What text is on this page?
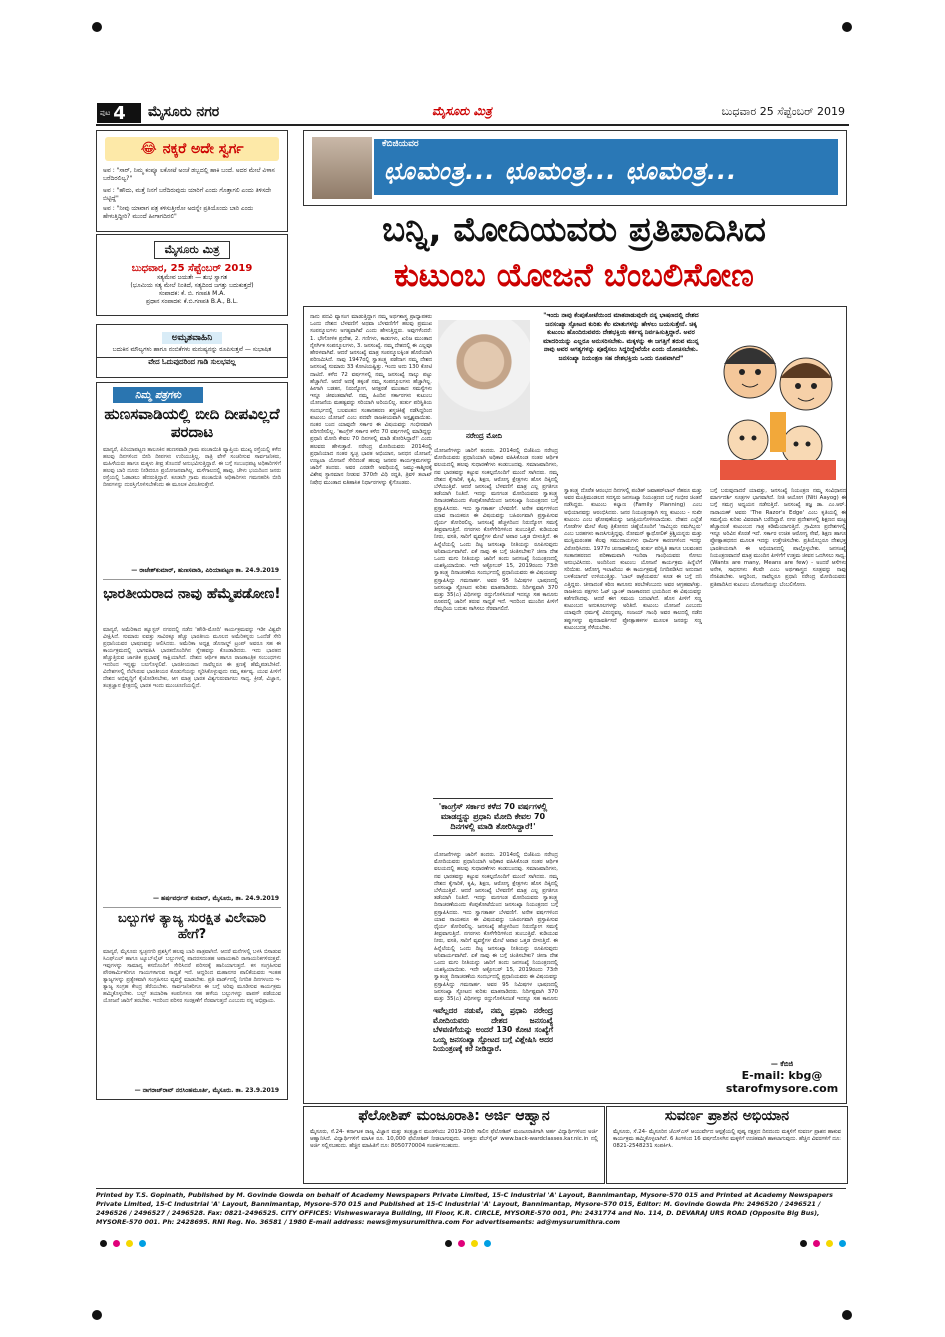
ಪುಟ 4 ಮೈಸೂರು ನಗರ	ಮೈಸೂರು ಮಿತ್ರ	ಬುಧವಾರ 25 ಸೆಪ್ಟೆಂಬರ್ 2019
😂 ನಕ್ಕರೆ ಅದೇ ಸ್ವರ್ಗ
ಅವ : "ಸಾರ್, ನಿಮ್ಮ ಕಂಪ್ಯೂ ಲಕೋಟೆ ಅಂಚೆ ಡಬ್ಬದಲ್ಲಿ ಹಾಕಿ ಬಂದೆ. ಅದರ ಮೇಲೆ ವಿಳಾಸ ಬರೆದಿರಲಿಲ್ವ?"
ಅವ : "ಹೌದು, ಮತ್ತೆ ನಿನಗೆ ಬರೆದಿರುವುದು ಯಾರಿಗೆ ಎಂದು ಗೊತ್ತಾಗಲಿ ಎಂದು ತಿಳಿಸದೇ ಬಿಟ್ಟಿದ್ದೆ"
ಅವ : "ನೀವು ಯಾವಾಗ ಪತ್ರ ಕಳಿಸುತ್ತೀರೋ ಅದನ್ನೇ ಪ್ರತಿಯೊಂದು ಬಾರಿ ಎಂದು ಹೇಳುತ್ತಿದ್ದೀರಿ? ಮುಂದೆ ಹೀಗಾಗದಿರಲಿ"
ಮೈಸೂರು ಮಿತ್ರ
ಬುಧವಾರ, 25 ಸೆಪ್ಟೆಂಬರ್ 2019
ಸತ್ಯಮೇವ ಜಯತೇ — ಶುಭ ಸ್ವಾಗತ
(ಭೂಮಿಯ ಸತ್ಯ ಮೇಲೆ ನಿಂತಿದೆ, ಸತ್ಯದಿಂದ ಜಗತ್ತು ಬದುಕುತ್ತದೆ)
ಸಂಪಾದಕ: ಕೆ. ಬಿ. ಗಣಪತಿ M.A.
ಪ್ರಧಾನ ಸಂಪಾದಕ: ಕೆ.ಬಿ.ಗಣಪತಿ B.A., B.L.
ಅಮೃತವಾಹಿನಿ
ಬದುಕಿನ ಮೌಲ್ಯಗಳು ಹಾಗೂ ನಂಬಿಕೆಗಳು ಮನುಷ್ಯನನ್ನು ರೂಪಿಸುತ್ತವೆ — ಸುಭಾಷಿತ
ವೇದ ಓದುವುದರಿಂದ ಗಾಡಿ ಸುಲಭವಲ್ಲ
ನಿಮ್ಮ ಪತ್ರಗಳು
ಹುಣಸವಾಡಿಯಲ್ಲಿ ಬೀದಿ ದೀಪವಿಲ್ಲದೆ ಪರದಾಟ
ಮಾನ್ಯರೆ, ಪಿರಿಯಾಪಟ್ಟಣ ತಾಲೂಕಿನ ಹುಣಸವಾಡಿ ಗ್ರಾಮ ಪಂಚಾಯಿತಿ ವ್ಯಾಪ್ತಿಯ ಮುಖ್ಯ ರಸ್ತೆಯಲ್ಲಿ ಕಳೆದ ಹಲವು ದಿನಗಳಿಂದ ಬೀದಿ ದೀಪಗಳು ಉರಿಯುತ್ತಿಲ್ಲ. ರಾತ್ರಿ ವೇಳೆ ಸಂಚರಿಸುವ ಸಾರ್ವಜನಿಕರು, ಮಹಿಳೆಯರು ಹಾಗೂ ಮಕ್ಕಳು ತೀವ್ರ ತೊಂದರೆ ಅನುಭವಿಸುತ್ತಿದ್ದಾರೆ. ಈ ಬಗ್ಗೆ ಸಂಬಂಧಪಟ್ಟ ಅಧಿಕಾರಿಗಳಿಗೆ ಹಲವು ಬಾರಿ ದೂರು ನೀಡಿದರೂ ಪ್ರಯೋಜನವಾಗಿಲ್ಲ. ಮಳೆಗಾಲದಲ್ಲಿ ಹಾವು, ಚೇಳು ಭಯದಿಂದ ಜನರು ರಸ್ತೆಯಲ್ಲಿ ಓಡಾಡಲು ಹೆದರುತ್ತಿದ್ದಾರೆ. ಕೂಡಲೇ ಗ್ರಾಮ ಪಂಚಾಯಿತಿ ಅಧಿಕಾರಿಗಳು ಗಮನಹರಿಸಿ ಬೀದಿ ದೀಪಗಳನ್ನು ದುರಸ್ತಿಗೊಳಿಸಬೇಕೆಂದು ಈ ಮೂಲಕ ವಿನಂತಿಸುತ್ತೇನೆ.
— ರಾಜೇಶ್‌ಕುಮಾರ್, ಹುಣಸವಾಡಿ, ಪಿರಿಯಾಪಟ್ಟಣ ತಾ. 24.9.2019
ಭಾರತೀಯರಾದ ನಾವು ಹೆಮ್ಮೆಪಡೋಣ!
ಮಾನ್ಯರೆ, ಅಮೆರಿಕಾದ ಹ್ಯೂಸ್ಟನ್ ನಗರದಲ್ಲಿ ನಡೆದ 'ಹೌಡಿ-ಮೋದಿ' ಕಾರ್ಯಕ್ರಮವನ್ನು ಇಡೀ ವಿಶ್ವವೇ ವೀಕ್ಷಿಸಿದೆ. ಸುಮಾರು ಐವತ್ತು ಸಾವಿರಕ್ಕೂ ಹೆಚ್ಚು ಭಾರತೀಯ ಮೂಲದ ಅಮೆರಿಕನ್ನರು ಒಂದೆಡೆ ಸೇರಿ ಪ್ರಧಾನಿಯವರ ಭಾಷಣವನ್ನು ಆಲಿಸಿದರು. ಅಮೆರಿಕಾ ಅಧ್ಯಕ್ಷ ಡೊನಾಲ್ಡ್ ಟ್ರಂಪ್ ಅವರೂ ಸಹ ಈ ಕಾರ್ಯಕ್ರಮದಲ್ಲಿ ಭಾಗವಹಿಸಿ ಭಾರತದೊಂದಿಗಿನ ಸ್ನೇಹವನ್ನು ಕೊಂಡಾಡಿದರು. ಇದು ಭಾರತದ ಹೆಚ್ಚುತ್ತಿರುವ ಜಾಗತಿಕ ಪ್ರಭಾವಕ್ಕೆ ಸಾಕ್ಷಿಯಾಗಿದೆ. ದೇಶದ ಆರ್ಥಿಕ ಹಾಗೂ ರಾಜತಾಂತ್ರಿಕ ಸಂಬಂಧಗಳು ಇದರಿಂದ ಇನ್ನಷ್ಟು ಬಲಗೊಳ್ಳಲಿವೆ. ಭಾರತೀಯರಾದ ನಾವೆಲ್ಲರೂ ಈ ಕ್ಷಣಕ್ಕೆ ಹೆಮ್ಮೆಪಡಬೇಕಿದೆ. ವಿದೇಶಗಳಲ್ಲಿ ನೆಲೆಸಿರುವ ಭಾರತೀಯರ ಕೊಡುಗೆಯನ್ನು ಸ್ಮರಿಸಿಕೊಳ್ಳುವುದು ನಮ್ಮ ಕರ್ತವ್ಯ. ಯುವ ಪೀಳಿಗೆ ದೇಶದ ಅಭಿವೃದ್ಧಿಗೆ ಕೈಜೋಡಿಸಬೇಕು, ಆಗ ಮಾತ್ರ ಭಾರತ ವಿಶ್ವಗುರುವಾಗಲು ಸಾಧ್ಯ. ಕ್ರೀಡೆ, ವಿಜ್ಞಾನ, ತಂತ್ರಜ್ಞಾನ ಕ್ಷೇತ್ರದಲ್ಲಿ ಭಾರತ ಇಂದು ಮುಂಚೂಣಿಯಲ್ಲಿದೆ.
— ಹರ್ಷವರ್ಧನ್ ಕುಮಾರ್, ಮೈಸೂರು, ತಾ. 24.9.2019
ಬಲ್ಬುಗಳ ತ್ಯಾಜ್ಯ ಸುರಕ್ಷಿತ ವಿಲೇವಾರಿ ಹೇಗೆ?
ಮಾನ್ಯರೆ, ಮೈಸೂರು ಸ್ವಚ್ಛನಗರಿ ಪ್ರಶಸ್ತಿಗೆ ಹಲವು ಬಾರಿ ಪಾತ್ರವಾಗಿದೆ. ಆದರೆ ಮನೆಗಳಲ್ಲಿ ಬಳಸಿ ಬಿಸಾಡುವ ಸಿಎಫ್‌ಎಲ್ ಹಾಗೂ ಟ್ಯೂಬ್‌ಲೈಟ್ ಬಲ್ಬುಗಳಲ್ಲಿ ಪಾದರಸದಂತಹ ಅಪಾಯಕಾರಿ ರಾಸಾಯನಿಕಗಳಿರುತ್ತವೆ. ಇವುಗಳನ್ನು ಸಾಮಾನ್ಯ ಕಸದೊಂದಿಗೆ ಸೇರಿಸಿದರೆ ಪರಿಸರಕ್ಕೆ ಹಾನಿಯಾಗುತ್ತದೆ. ಕಸ ಸಂಗ್ರಹಿಸುವ ಪೌರಕಾರ್ಮಿಕರಿಗೂ ಗಾಯಗಳಾಗುವ ಸಾಧ್ಯತೆ ಇದೆ. ಆದ್ದರಿಂದ ಮಹಾನಗರ ಪಾಲಿಕೆಯವರು ಇಂತಹ ತ್ಯಾಜ್ಯಗಳನ್ನು ಪ್ರತ್ಯೇಕವಾಗಿ ಸಂಗ್ರಹಿಸಲು ವ್ಯವಸ್ಥೆ ಮಾಡಬೇಕು. ಪ್ರತಿ ವಾರ್ಡ್‌ನಲ್ಲಿ ನಿಗದಿತ ದಿನಗಳಂದು ಇ-ತ್ಯಾಜ್ಯ ಸಂಗ್ರಹ ಕೇಂದ್ರ ತೆರೆಯಬೇಕು. ಸಾರ್ವಜನಿಕರಿಗೂ ಈ ಬಗ್ಗೆ ಅರಿವು ಮೂಡಿಸುವ ಕಾರ್ಯಕ್ರಮ ಹಮ್ಮಿಕೊಳ್ಳಬೇಕು. ಬಲ್ಬ್ ತಯಾರಿಕಾ ಕಂಪನಿಗಳೂ ಸಹ ಹಳೆಯ ಬಲ್ಬುಗಳನ್ನು ವಾಪಸ್ ಪಡೆಯುವ ಯೋಜನೆ ಜಾರಿಗೆ ತರಬೇಕು. ಇದರಿಂದ ಪರಿಸರ ಸಂರಕ್ಷಣೆಗೆ ನೆರವಾಗುತ್ತದೆ ಎಂಬುದು ನನ್ನ ಅಭಿಪ್ರಾಯ.
— ನಾಗರಾಜ್‌ರಾವ್ ನರಸಿಂಹಮೂರ್ತಿ, ಮೈಸೂರು. ತಾ. 23.9.2019
ಕೆಬಿಜಿಯವರ
ಛೂಮಂತ್ರ... ಛೂಮಂತ್ರ... ಛೂಮಂತ್ರ...
ಬನ್ನಿ, ಮೋದಿಯವರು ಪ್ರತಿಪಾದಿಸಿದ
ಕುಟುಂಬ ಯೋಜನೆ ಬೆಂಬಲಿಸೋಣ
ನಾನು ಪದವಿ ವ್ಯಾಸಂಗ ಮಾಡುತ್ತಿದ್ದಾಗ ನಮ್ಮ ಅರ್ಥಶಾಸ್ತ್ರ ಪ್ರಾಧ್ಯಾಪಕರು ಒಂದು ದೇಶದ ಬೆಳವಣಿಗೆ ಅಥವಾ ಬೆಳವಣಿಗೆಗೆ ಹಲವು ಪ್ರಮುಖ ಸಂಪನ್ಮೂಲಗಳು ಅಗತ್ಯವಾಗಿವೆ ಎಂದು ಹೇಳುತ್ತಿದ್ದರು. ಅವುಗಳೆಂದರೆ: 1. ಭೌಗೋಳಿಕ ಪ್ರದೇಶ, 2. ಗಣಿಗಳು, ಕಾಡುಗಳು, ಖನಿಜ ಮುಂತಾದ ನೈಸರ್ಗಿಕ ಸಂಪನ್ಮೂಲಗಳು, 3. ಜನಸಂಖ್ಯೆ. ನಮ್ಮ ದೇಶದಲ್ಲಿ ಈ ಎಲ್ಲವೂ ಹೇರಳವಾಗಿವೆ. ಆದರೆ ಜನಸಂಖ್ಯೆ ಮಾತ್ರ ಸಂಪನ್ಮೂಲಕ್ಕಿಂತ ಹೊರೆಯಾಗಿ ಪರಿಣಮಿಸಿದೆ. ನಾವು 1947ರಲ್ಲಿ ಸ್ವಾತಂತ್ರ್ಯ ಪಡೆದಾಗ ನಮ್ಮ ದೇಶದ ಜನಸಂಖ್ಯೆ ಸುಮಾರು 33 ಕೋಟಿಯಷ್ಟಿತ್ತು. ಇಂದು ಅದು 130 ಕೋಟಿ ದಾಟಿದೆ. ಕಳೆದ 72 ವರ್ಷಗಳಲ್ಲಿ ನಮ್ಮ ಜನಸಂಖ್ಯೆ ನಾಲ್ಕು ಪಟ್ಟು ಹೆಚ್ಚಾಗಿದೆ. ಆದರೆ ಅದಕ್ಕೆ ತಕ್ಕಂತೆ ನಮ್ಮ ಸಂಪನ್ಮೂಲಗಳು ಹೆಚ್ಚಾಗಿಲ್ಲ. ಹೀಗಾಗಿ ಬಡತನ, ನಿರುದ್ಯೋಗ, ಅನಕ್ಷರತೆ ಮುಂತಾದ ಸಮಸ್ಯೆಗಳು ಇನ್ನೂ ಜೀವಂತವಾಗಿವೆ. ನಮ್ಮ ಹಿಂದಿನ ಸರ್ಕಾರಗಳು ಕುಟುಂಬ ಯೋಜನೆಯ ಮಹತ್ವವನ್ನು ಸರಿಯಾಗಿ ಅರಿಯಲಿಲ್ಲ. ತುರ್ತು ಪರಿಸ್ಥಿತಿಯ ಸಂದರ್ಭದಲ್ಲಿ ಬಲವಂತದ ಸಂತಾನಹರಣ ಶಸ್ತ್ರಚಿಕಿತ್ಸೆ ನಡೆಸಿದ್ದರಿಂದ ಕುಟುಂಬ ಯೋಜನೆ ಎಂಬ ಪದವೇ ರಾಜಕೀಯವಾಗಿ ಅಸ್ಪೃಶ್ಯವಾಯಿತು. ನಂತರ ಬಂದ ಯಾವುದೇ ಸರ್ಕಾರ ಈ ವಿಷಯವನ್ನು ಗಂಭೀರವಾಗಿ ಪರಿಗಣಿಸಲಿಲ್ಲ. 'ಕಾಂಗ್ರೆಸ್ ಸರ್ಕಾರ ಕಳೆದ 70 ವರ್ಷಗಳಲ್ಲಿ ಮಾಡಿದ್ದನ್ನು ಪ್ರಧಾನಿ ಮೋದಿ ಕೇವಲ 70 ದಿನಗಳಲ್ಲಿ ಮಾಡಿ ತೋರಿಸಿದ್ದಾರೆ!' ಎಂದು ಹಲವರು ಹೇಳುತ್ತಾರೆ. ನರೇಂದ್ರ ಮೋದಿಯವರು 2014ರಲ್ಲಿ ಪ್ರಧಾನಿಯಾದ ನಂತರ ಸ್ವಚ್ಛ ಭಾರತ ಅಭಿಯಾನ, ಜನಧನ ಯೋಜನೆ, ಉಜ್ವಲಾ ಯೋಜನೆ ಸೇರಿದಂತೆ ಹಲವು ಜನಪರ ಕಾರ್ಯಕ್ರಮಗಳನ್ನು ಜಾರಿಗೆ ತಂದರು. ಅವರ ಎರಡನೇ ಅವಧಿಯಲ್ಲಿ ಜಮ್ಮು-ಕಾಶ್ಮೀರಕ್ಕೆ ವಿಶೇಷ ಸ್ಥಾನಮಾನ ನೀಡುವ 370ನೇ ವಿಧಿ ರದ್ದತಿ, ತ್ರಿವಳಿ ತಲಾಖ್ ನಿಷೇಧ ಮುಂತಾದ ಐತಿಹಾಸಿಕ ನಿರ್ಧಾರಗಳನ್ನು ಕೈಗೊಂಡರು.
ನರೇಂದ್ರ ಮೋದಿ
"ಇಂದು ನಾವು ಕೆಂಪುಕೋಟೆಯಿಂದ ಮಾತನಾಡುವುದೇ ನನ್ನ ಭಾಷಣದಲ್ಲಿ ದೇಶದ ಜನಸಂಖ್ಯಾ ಸ್ಫೋಟದ ಕುರಿತು ಕೆಲ ಮಾತುಗಳನ್ನು ಹೇಳಲು ಬಯಸುತ್ತೇನೆ. ಚಿಕ್ಕ ಕುಟುಂಬ ಹೊಂದಿರುವವರು ದೇಶಭಕ್ತಿಯ ಕರ್ತವ್ಯ ನಿರ್ವಹಿಸುತ್ತಿದ್ದಾರೆ. ಅವರ ಮಾದರಿಯನ್ನು ಎಲ್ಲರೂ ಅನುಸರಿಸಬೇಕು. ಮಕ್ಕಳನ್ನು ಈ ಜಗತ್ತಿಗೆ ತರುವ ಮುನ್ನ ನಾವು ಅವರ ಅಗತ್ಯಗಳನ್ನು ಪೂರೈಸಲು ಸಿದ್ಧರಿದ್ದೇವೆಯೇ ಎಂದು ಯೋಚಿಸಬೇಕು. ಜನಸಂಖ್ಯಾ ನಿಯಂತ್ರಣ ಸಹ ದೇಶಭಕ್ತಿಯ ಒಂದು ರೂಪವಾಗಿದೆ"
ಯೋಜನೆಗಳನ್ನು ಜಾರಿಗೆ ತಂದರು. 2014ರಲ್ಲಿ ಬಿಜೆಪಿಯ ನರೇಂದ್ರ ಮೋದಿಯವರು ಪ್ರಧಾನಿಯಾಗಿ ಅಧಿಕಾರ ವಹಿಸಿಕೊಂಡ ನಂತರ ಆರ್ಥಿಕ ವಲಯದಲ್ಲಿ ಹಲವು ಸುಧಾರಣೆಗಳು ಕಂಡುಬಂದವು. ಸಮಾಜವಾದಿಗಳು, ನವ ಭಾರತವನ್ನು ಕಟ್ಟುವ ಸಂಕಲ್ಪದೊಂದಿಗೆ ಮುಂದೆ ಸಾಗಿದರು. ನಮ್ಮ ದೇಶದ ಕೈಗಾರಿಕೆ, ಕೃಷಿ, ಶಿಕ್ಷಣ, ಆರೋಗ್ಯ ಕ್ಷೇತ್ರಗಳು ಹೊಸ ದಿಕ್ಕಿನಲ್ಲಿ ಬೆಳೆಯುತ್ತಿವೆ. ಆದರೆ ಜನಸಂಖ್ಯೆ ಬೆಳವಣಿಗೆ ಮಾತ್ರ ಎಲ್ಲ ಪ್ರಗತಿಗೂ ತಡೆಯಾಗಿ ನಿಂತಿದೆ. ಇದನ್ನು ಮನಗಂಡ ಮೋದಿಯವರು ಸ್ವಾತಂತ್ರ್ಯ ದಿನಾಚರಣೆಯಂದು ಕೆಂಪುಕೋಟೆಯಿಂದ ಜನಸಂಖ್ಯಾ ನಿಯಂತ್ರಣದ ಬಗ್ಗೆ ಪ್ರಸ್ತಾಪಿಸಿದರು. ಇದು ಸ್ವಾಗತಾರ್ಹ ಬೆಳವಣಿಗೆ. ಅನೇಕ ವರ್ಷಗಳಿಂದ ಯಾವ ನಾಯಕರೂ ಈ ವಿಷಯವನ್ನು ಬಹಿರಂಗವಾಗಿ ಪ್ರಸ್ತಾಪಿಸುವ ಧೈರ್ಯ ತೋರಿರಲಿಲ್ಲ. ಜನಸಂಖ್ಯೆ ಹೆಚ್ಚಳದಿಂದ ನಿರುದ್ಯೋಗ ಸಮಸ್ಯೆ ತೀವ್ರವಾಗುತ್ತಿದೆ. ನಗರಗಳು ಕೊಳೆಗೇರಿಗಳಿಂದ ತುಂಬುತ್ತಿವೆ. ಕುಡಿಯುವ ನೀರು, ವಸತಿ, ಸಾರಿಗೆ ವ್ಯವಸ್ಥೆಗಳ ಮೇಲೆ ಅಪಾರ ಒತ್ತಡ ಬೀಳುತ್ತಿದೆ. ಈ ಹಿನ್ನೆಲೆಯಲ್ಲಿ ಒಂದು ದಿಟ್ಟ ಜನಸಂಖ್ಯಾ ನೀತಿಯನ್ನು ರೂಪಿಸುವುದು ಅನಿವಾರ್ಯವಾಗಿದೆ. ಏಕೆ ನಾವು ಈ ಬಗ್ಗೆ ಚಿಂತಿಸಬೇಕು? ಚೀನಾ ದೇಶ ಒಂದು ಮಗು ನೀತಿಯನ್ನು ಜಾರಿಗೆ ತಂದು ಜನಸಂಖ್ಯೆ ನಿಯಂತ್ರಣದಲ್ಲಿ ಯಶಸ್ವಿಯಾಯಿತು. ಇದೇ ಅಕ್ಟೋಬರ್ 15, 2019ರಂದು 73ನೇ ಸ್ವಾತಂತ್ರ್ಯ ದಿನಾಚರಣೆಯ ಸಂದರ್ಭದಲ್ಲಿ ಪ್ರಧಾನಿಯವರು ಈ ವಿಷಯವನ್ನು ಪ್ರಸ್ತಾಪಿಸಿದ್ದು ಗಮನಾರ್ಹ. ಅವರ 95 ನಿಮಿಷಗಳ ಭಾಷಣದಲ್ಲಿ ಜನಸಂಖ್ಯಾ ಸ್ಫೋಟದ ಕುರಿತು ಮಾತನಾಡಿದರು. ನಿರ್ದಿಷ್ಟವಾಗಿ 370 ಮತ್ತು 35(ಎ) ವಿಧಿಗಳನ್ನು ರದ್ದುಗೊಳಿಸಿದಂತೆ ಇದನ್ನೂ ಸಹ ಕಾನೂನು ರೂಪದಲ್ಲಿ ಜಾರಿಗೆ ತರುವ ಸಾಧ್ಯತೆ ಇದೆ. ಇದರಿಂದ ಮುಂದಿನ ಪೀಳಿಗೆ ನೆಮ್ಮದಿಯ ಬದುಕು ಸಾಗಿಸಲು ನೆರವಾಗಲಿದೆ.
'ಕಾಂಗ್ರೆಸ್ ಸರ್ಕಾರ ಕಳೆದ 70 ವರ್ಷಗಳಲ್ಲಿ ಮಾಡದ್ದನ್ನು ಪ್ರಧಾನಿ ಮೋದಿ ಕೇವಲ 70 ದಿನಗಳಲ್ಲಿ ಮಾಡಿ ತೋರಿಸಿದ್ದಾರೆ!'
ಯೋಜನೆಗಳನ್ನು ಜಾರಿಗೆ ತಂದರು. 2014ರಲ್ಲಿ ಬಿಜೆಪಿಯ ನರೇಂದ್ರ ಮೋದಿಯವರು ಪ್ರಧಾನಿಯಾಗಿ ಅಧಿಕಾರ ವಹಿಸಿಕೊಂಡ ನಂತರ ಆರ್ಥಿಕ ವಲಯದಲ್ಲಿ ಹಲವು ಸುಧಾರಣೆಗಳು ಕಂಡುಬಂದವು. ಸಮಾಜವಾದಿಗಳು, ನವ ಭಾರತವನ್ನು ಕಟ್ಟುವ ಸಂಕಲ್ಪದೊಂದಿಗೆ ಮುಂದೆ ಸಾಗಿದರು. ನಮ್ಮ ದೇಶದ ಕೈಗಾರಿಕೆ, ಕೃಷಿ, ಶಿಕ್ಷಣ, ಆರೋಗ್ಯ ಕ್ಷೇತ್ರಗಳು ಹೊಸ ದಿಕ್ಕಿನಲ್ಲಿ ಬೆಳೆಯುತ್ತಿವೆ. ಆದರೆ ಜನಸಂಖ್ಯೆ ಬೆಳವಣಿಗೆ ಮಾತ್ರ ಎಲ್ಲ ಪ್ರಗತಿಗೂ ತಡೆಯಾಗಿ ನಿಂತಿದೆ. ಇದನ್ನು ಮನಗಂಡ ಮೋದಿಯವರು ಸ್ವಾತಂತ್ರ್ಯ ದಿನಾಚರಣೆಯಂದು ಕೆಂಪುಕೋಟೆಯಿಂದ ಜನಸಂಖ್ಯಾ ನಿಯಂತ್ರಣದ ಬಗ್ಗೆ ಪ್ರಸ್ತಾಪಿಸಿದರು. ಇದು ಸ್ವಾಗತಾರ್ಹ ಬೆಳವಣಿಗೆ. ಅನೇಕ ವರ್ಷಗಳಿಂದ ಯಾವ ನಾಯಕರೂ ಈ ವಿಷಯವನ್ನು ಬಹಿರಂಗವಾಗಿ ಪ್ರಸ್ತಾಪಿಸುವ ಧೈರ್ಯ ತೋರಿರಲಿಲ್ಲ. ಜನಸಂಖ್ಯೆ ಹೆಚ್ಚಳದಿಂದ ನಿರುದ್ಯೋಗ ಸಮಸ್ಯೆ ತೀವ್ರವಾಗುತ್ತಿದೆ. ನಗರಗಳು ಕೊಳೆಗೇರಿಗಳಿಂದ ತುಂಬುತ್ತಿವೆ. ಕುಡಿಯುವ ನೀರು, ವಸತಿ, ಸಾರಿಗೆ ವ್ಯವಸ್ಥೆಗಳ ಮೇಲೆ ಅಪಾರ ಒತ್ತಡ ಬೀಳುತ್ತಿದೆ. ಈ ಹಿನ್ನೆಲೆಯಲ್ಲಿ ಒಂದು ದಿಟ್ಟ ಜನಸಂಖ್ಯಾ ನೀತಿಯನ್ನು ರೂಪಿಸುವುದು ಅನಿವಾರ್ಯವಾಗಿದೆ. ಏಕೆ ನಾವು ಈ ಬಗ್ಗೆ ಚಿಂತಿಸಬೇಕು? ಚೀನಾ ದೇಶ ಒಂದು ಮಗು ನೀತಿಯನ್ನು ಜಾರಿಗೆ ತಂದು ಜನಸಂಖ್ಯೆ ನಿಯಂತ್ರಣದಲ್ಲಿ ಯಶಸ್ವಿಯಾಯಿತು. ಇದೇ ಅಕ್ಟೋಬರ್ 15, 2019ರಂದು 73ನೇ ಸ್ವಾತಂತ್ರ್ಯ ದಿನಾಚರಣೆಯ ಸಂದರ್ಭದಲ್ಲಿ ಪ್ರಧಾನಿಯವರು ಈ ವಿಷಯವನ್ನು ಪ್ರಸ್ತಾಪಿಸಿದ್ದು ಗಮನಾರ್ಹ. ಅವರ 95 ನಿಮಿಷಗಳ ಭಾಷಣದಲ್ಲಿ ಜನಸಂಖ್ಯಾ ಸ್ಫೋಟದ ಕುರಿತು ಮಾತನಾಡಿದರು. ನಿರ್ದಿಷ್ಟವಾಗಿ 370 ಮತ್ತು 35(ಎ) ವಿಧಿಗಳನ್ನು ರದ್ದುಗೊಳಿಸಿದಂತೆ ಇದನ್ನೂ ಸಹ ಕಾನೂನು
ಇವೆಲ್ಲದರ ನಡುವೆ, ನಮ್ಮ ಪ್ರಧಾನಿ ನರೇಂದ್ರ ಮೋದಿಯವರು ದೇಶದ ಜನಸಂಖ್ಯೆ ಬೆಳವಣಿಗೆಯನ್ನು ಅಂದರೆ 130 ಕೋಟಿ ಸಂಖ್ಯೆಗೆ ಒಯ್ದ ಜನಸಂಖ್ಯಾ ಸ್ಫೋಟದ ಬಗ್ಗೆ ವಿಶ್ಲೇಷಿಸಿ ಅದರ ನಿಯಂತ್ರಣಕ್ಕೆ ಕರೆ ನೀಡಿದ್ದಾರೆ.
ಸ್ವಾತಂತ್ರ್ಯ ದೊರೆತ ಆರಂಭದ ದಿನಗಳಲ್ಲಿ ಪಂಡಿತ್ ಜವಾಹರ್‌ಲಾಲ್ ನೆಹರೂ ಮತ್ತು ಅವರ ಮಂತ್ರಿಮಂಡಲದ ಸದಸ್ಯರು ಜನಸಂಖ್ಯಾ ನಿಯಂತ್ರಣದ ಬಗ್ಗೆ ಗಂಭೀರ ಚಿಂತನೆ ನಡೆಸಿದ್ದರು. ಕುಟುಂಬ ಕಲ್ಯಾಣ (Family Planning) ಎಂಬ ಅಭಿಯಾನವನ್ನು ಆರಂಭಿಸಿದರು. ಜನರ ನಿಯಂತ್ರಣಕ್ಕಾಗಿ ಸಣ್ಣ ಕುಟುಂಬ - ಸುಖೀ ಕುಟುಂಬ ಎಂಬ ಘೋಷಣೆಯನ್ನು ಜನಪ್ರಿಯಗೊಳಿಸಲಾಯಿತು. ದೇಶದ ಎಲ್ಲೆಡೆ ಗೋಡೆಗಳ ಮೇಲೆ ಕೆಂಪು ತ್ರಿಕೋನದ ಚಿಹ್ನೆಯೊಂದಿಗೆ 'ನಾವಿಬ್ಬರು ನಮಗಿಬ್ಬರು' ಎಂಬ ಬರಹಗಳು ಕಾಣಸಿಗುತ್ತಿದ್ದವು. ರೋಮನ್ ಕ್ಯಾಥೋಲಿಕ್ ಕ್ರಿಶ್ಚಿಯನ್ನರು ಮತ್ತು ಮುಸ್ಲಿಮರಂತಹ ಕೆಲವು ಸಮುದಾಯಗಳು ಧಾರ್ಮಿಕ ಕಾರಣಗಳಿಂದ ಇದನ್ನು ವಿರೋಧಿಸಿದರು. 1977ರ ಚುನಾವಣೆಯಲ್ಲಿ ತುರ್ತು ಪರಿಸ್ಥಿತಿ ಹಾಗೂ ಬಲವಂತದ ಸಂತಾನಹರಣದ ಪರಿಣಾಮವಾಗಿ ಇಂದಿರಾ ಗಾಂಧಿಯವರು ಸೋಲು ಅನುಭವಿಸಿದರು. ಅಂದಿನಿಂದ ಕುಟುಂಬ ಯೋಜನೆ ಕಾರ್ಯಕ್ರಮ ಹಿನ್ನೆಲೆಗೆ ಸರಿಯಿತು. ಆರೋಗ್ಯ ಇಲಾಖೆಯು ಈ ಕಾರ್ಯಕ್ರಮಕ್ಕೆ ನಿಗದಿಪಡಿಸಿದ ಅನುದಾನ ಬಳಕೆಯಾಗದೆ ಉಳಿಯುತ್ತಿತ್ತು. 'ಬಾಲ್ ಠಾಕ್ರೆಯವರು' ಕೂಡ ಈ ಬಗ್ಗೆ ದನಿ ಎತ್ತಿದ್ದರು. ಚೀನಾದಂತೆ ಕಠಿಣ ಕಾನೂನು ತರಬೇಕೆಂಬುದು ಅವರ ಆಗ್ರಹವಾಗಿತ್ತು. ರಾಜಕೀಯ ಪಕ್ಷಗಳು ಓಟ್ ಬ್ಯಾಂಕ್ ರಾಜಕಾರಣದ ಭಯದಿಂದ ಈ ವಿಷಯವನ್ನು ಕಡೆಗಣಿಸಿದವು. ಆದರೆ ಈಗ ಸಮಯ ಬದಲಾಗಿದೆ. ಹೊಸ ಪೀಳಿಗೆ ಸಣ್ಣ ಕುಟುಂಬದ ಅನುಕೂಲಗಳನ್ನು ಅರಿತಿದೆ. ಕುಟುಂಬ ಯೋಜನೆ ಎಂಬುದು ಯಾವುದೇ ಧರ್ಮಕ್ಕೆ ವಿರುದ್ಧವಲ್ಲ. ಸಂಜಯ್ ಗಾಂಧಿ ಅವರ ಕಾಲದಲ್ಲಿ ನಡೆದ ತಪ್ಪುಗಳನ್ನು ಪುನರಾವರ್ತಿಸದೆ ಪ್ರೋತ್ಸಾಹಕಗಳ ಮೂಲಕ ಜನರನ್ನು ಸಣ್ಣ ಕುಟುಂಬದತ್ತ ಸೆಳೆಯಬೇಕು.
ಬಗ್ಗೆ ಬರುವುದಾದರೆ ಯಾವತ್ತು, ಜನಸಂಖ್ಯೆ ನಿಯಂತ್ರಣ ನಮ್ಮ ಸಂವಿಧಾನದ ಮಾರ್ಗದರ್ಶಿ ಸೂತ್ರಗಳ ಭಾಗವಾಗಿದೆ. ನೀತಿ ಆಯೋಗ (Niti Aayog) ಈ ಬಗ್ಗೆ ಸಮಗ್ರ ಅಧ್ಯಯನ ನಡೆಸುತ್ತಿದೆ. ಜನಸಂಖ್ಯೆ ತಜ್ಞ ಡಾ. ಎಂ.ಆರ್. ನಾರಾಯಣ್ ಅವರು 'The Razor's Edge' ಎಂಬ ಕೃತಿಯಲ್ಲಿ ಈ ಸಮಸ್ಯೆಯ ಕುರಿತು ವಿವರವಾಗಿ ಬರೆದಿದ್ದಾರೆ. ನಗರ ಪ್ರದೇಶಗಳಲ್ಲಿ ಶಿಕ್ಷಣದ ಮಟ್ಟ ಹೆಚ್ಚಾದಂತೆ ಕುಟುಂಬದ ಗಾತ್ರ ಕಡಿಮೆಯಾಗುತ್ತಿದೆ. ಗ್ರಾಮೀಣ ಪ್ರದೇಶಗಳಲ್ಲಿ ಇನ್ನೂ ಅರಿವಿನ ಕೊರತೆ ಇದೆ. ಸರ್ಕಾರ ಉಚಿತ ಆರೋಗ್ಯ ಸೇವೆ, ಶಿಕ್ಷಣ ಹಾಗೂ ಪ್ರೋತ್ಸಾಹಧನದ ಮೂಲಕ ಇದನ್ನು ಉತ್ತೇಜಿಸಬೇಕು. ಪ್ರತಿಯೊಬ್ಬರೂ ದೇಶಭಕ್ತ ಭಾರತೀಯನಾಗಿ ಈ ಅಭಿಯಾನದಲ್ಲಿ ಪಾಲ್ಗೊಳ್ಳಬೇಕು. ಜನಸಂಖ್ಯೆ ನಿಯಂತ್ರಣವಾದರೆ ಮಾತ್ರ ಮುಂದಿನ ಪೀಳಿಗೆಗೆ ಉತ್ತಮ ಜೀವನ ಒದಗಿಸಲು ಸಾಧ್ಯ. (Wants are many, Means are few) - ಅಂದರೆ ಆಸೆಗಳು ಅನೇಕ, ಸಾಧನಗಳು ಕೆಲವೇ ಎಂಬ ಅರ್ಥಶಾಸ್ತ್ರದ ಸೂತ್ರವನ್ನು ನಾವು ನೆನಪಿಡಬೇಕು. ಆದ್ದರಿಂದ, ನಾವೆಲ್ಲರೂ ಪ್ರಧಾನಿ ನರೇಂದ್ರ ಮೋದಿಯವರು ಪ್ರತಿಪಾದಿಸಿದ ಕುಟುಂಬ ಯೋಜನೆಯನ್ನು ಬೆಂಬಲಿಸೋಣ.
— ಕೆಬಿಜಿ
E-mail: kbg@
starofmysore.com
ಫೆಲೋಶಿಪ್ ಮಂಜೂರಾತಿ: ಅರ್ಜಿ ಆಹ್ವಾನ
ಮೈಸೂರು, ಸೆ.24- ಕರ್ನಾಟಕ ರಾಜ್ಯ ವಿಜ್ಞಾನ ಮತ್ತು ತಂತ್ರಜ್ಞಾನ ಮಂಡಳಿಯು 2019-20ನೇ ಸಾಲಿನ ಫೆಲೋಶಿಪ್ ಮಂಜೂರಾತಿಗಾಗಿ ಅರ್ಹ ವಿದ್ಯಾರ್ಥಿಗಳಿಂದ ಅರ್ಜಿ ಆಹ್ವಾನಿಸಿದೆ. ವಿದ್ಯಾರ್ಥಿಗಳಿಗೆ ಮಾಸಿಕ ರೂ. 10,000 ಫೆಲೋಶಿಪ್ ನೀಡಲಾಗುವುದು. ಆಸಕ್ತರು ವೆಬ್‌ಸೈಟ್ www.back-wardclasses.kar.nic.in ನಲ್ಲಿ ಅರ್ಜಿ ಸಲ್ಲಿಸಬಹುದು. ಹೆಚ್ಚಿನ ಮಾಹಿತಿಗೆ ದೂ: 8050770004 ಸಂಪರ್ಕಿಸಬಹುದು.
ಸುವರ್ಣ ಪ್ರಾಶನ ಅಭಿಯಾನ
ಮೈಸೂರು, ಸೆ.24- ಮೈಸೂರಿನ ಜೆಎಸ್‌ಎಸ್ ಆಯುರ್ವೇದ ಆಸ್ಪತ್ರೆಯಲ್ಲಿ ಪುಷ್ಯ ನಕ್ಷತ್ರದ ದಿನದಂದು ಮಕ್ಕಳಿಗೆ ಸುವರ್ಣ ಪ್ರಾಶನ ಹಾಕುವ ಕಾರ್ಯಕ್ರಮ ಹಮ್ಮಿಕೊಳ್ಳಲಾಗಿದೆ. 6 ತಿಂಗಳಿಂದ 16 ವರ್ಷದೊಳಗಿನ ಮಕ್ಕಳಿಗೆ ಉಚಿತವಾಗಿ ಹಾಕಲಾಗುವುದು. ಹೆಚ್ಚಿನ ವಿವರಗಳಿಗೆ ದೂ: 0821-2548231 ಸಂಪರ್ಕಿಸಿ.
Printed by T.S. Gopinath, Published by M. Govinde Gowda on behalf of Academy Newspapers Private Limited, 15-C Industrial 'A' Layout, Bannimantap, Mysore-570 015 and Printed at Academy Newspapers Private Limited, 15-C Industrial 'A' Layout, Bannimantap, Mysore-570 015 and Published at 15-C Industrial 'A' Layout, Bannimantap, Mysore-570 015, Editor: M. Govinde Gowda Ph: 2496520 / 2496521 / 2496526 / 2496527 / 2496528. Fax: 0821-2496525. CITY OFFICES: Vishweswaraya Building, III Floor, K.R. CIRCLE, MYSORE-570 001, Ph: 2431774 and No. 114, D. DEVARAJ URS ROAD (Opposite Big Bus), MYSORE-570 001. Ph: 2428695. RNI Reg. No. 36581 / 1980 E-mail address: news@mysurumithra.com For advertisements: ad@mysurumithra.com
